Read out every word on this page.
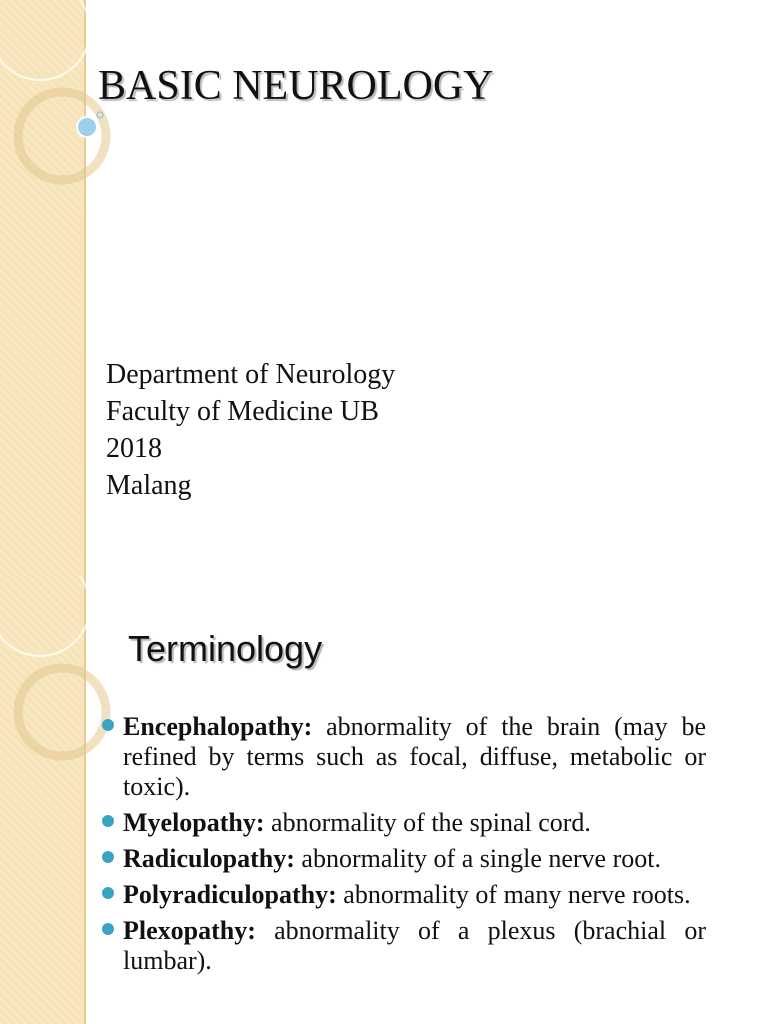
BASIC NEUROLOGY
Department of Neurology
Faculty of Medicine UB
2018
Malang
Terminology
Encephalopathy: abnormality of the brain (may be refined by terms such as focal, diffuse, metabolic or toxic).
Myelopathy: abnormality of the spinal cord.
Radiculopathy: abnormality of a single nerve root.
Polyradiculopathy: abnormality of many nerve roots.
Plexopathy: abnormality of a plexus (brachial or lumbar).
